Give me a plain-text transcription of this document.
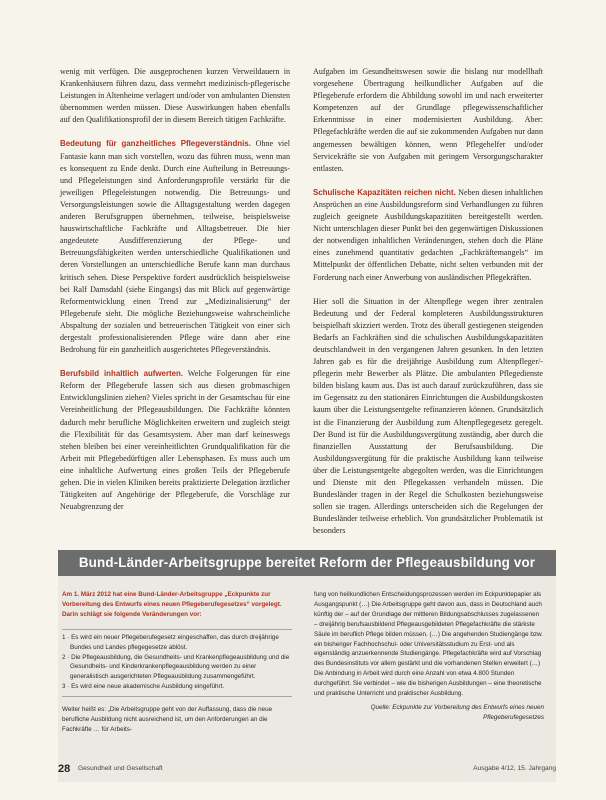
wenig mit verfügen. Die ausgeprochenen kurzen Verweildauern in Krankenhäusern führen dazu, dass vermehrt medizinisch-pflegerische Leistungen in Altenheime verlagert und/oder von ambulanten Diensten übernommen werden müssen. Diese Auswirkungen haben ebenfalls auf den Qualifikationsprofil der in diesem Bereich tätigen Fachkräfte.

Bedeutung für ganzheitliches Pflegeverständnis. Ohne viel Fantasie kann man sich vorstellen, wozu das führen muss, wenn man es konsequent zu Ende denkt. Durch eine Aufteilung in Betreuungs- und Pflegeleistungen sind Anforderungsprofile verstärkt für die jeweiligen Pflegeleistungen notwendig. Die Betreuungs- und Versorgungsleistungen sowie die Alltagsgestaltung werden dagegen anderen Berufsgruppen übernehmen, teilweise, beispielsweise hauswirtschaftliche Fachkräfte und Alltagsbetreuer. Die hier angedeutete Ausdifferenzierung der Pflege- und Betreuungsfähigkeiten werden unterschiedliche Qualifikationen und deren Vorstellungen an unterschiedliche Berufe kann man durchaus kritisch sehen. Diese Perspektive fordert ausdrücklich beispielsweise bei Ralf Damsdahl (siehe Eingangs) das mit Blick auf gegenwärtige Reformentwicklung einen Trend zur „Medizinalisierung“ der Pflegeberufe sieht. Die mögliche Beziehungsweise wahrscheinliche Abspaltung der sozialen und betreuerischen Tätigkeit von einer sich dergestalt professionalisierenden Pflege wäre dann aber eine Bedrohung für ein ganzheitlich ausgerichtetes Pflegeverständnis.

Berufsbild inhaltlich aufwerten. Welche Folgerungen für eine Reform der Pflegeberufe lassen sich aus diesen grobmaschigen Entwicklungslinien ziehen? Vieles spricht in der Gesamtschau für eine Vereinheitlichung der Pflegeausbildungen. Die Fachkräfte könnten dadurch mehr berufliche Möglichkeiten erweitern und zugleich steigt die Flexibilität für das Gesamtsystem. Aber man darf keineswegs stehen bleiben bei einer vereinheitlichten Grundqualifikation für die Arbeit mit Pflegebedürftigen aller Lebensphasen. Es muss auch um eine inhaltliche Aufwertung eines großen Teils der Pflegeberufe gehen. Die in vielen Kliniken bereits praktizierte Delegation ärztlicher Tätigkeiten auf Angehörige der Pflegeberufe, die Vorschläge zur Neuabgrenzung der

Aufgaben im Gesundheitswesen sowie die bislang nur modellhaft vorgesehene Übertragung heilkundlicher Aufgaben auf die Pflegeberufe erfordern die Abbildung sowohl im und nach erweiterter Kompetenzen auf der Grundlage pflegewissenschaftlicher Erkenntnisse in einer modernisierten Ausbildung. Aber: Pflegefachkräfte werden die auf sie zukommenden Aufgaben nur dann angemessen bewältigen können, wenn Pflegehelfer und/oder Servicekräfte sie von Aufgaben mit geringem Versorgungscharakter entlasten.

Schulische Kapazitäten reichen nicht. Neben diesen inhaltlichen Ansprüchen an eine Ausbildungsreform sind Verhandlungen zu führen zugleich geeignete Ausbildungskapazitäten bereitgestellt werden. Nicht unterschlagen dieser Punkt bei den gegenwärtigen Diskussionen der notwendigen inhaltlichen Veränderungen, stehen doch die Pläne eines zunehmend quantitativ gedachten „Fachkräftemangels“ im Mittelpunkt der öffentlichen Debatte, nicht selten verbunden mit der Forderung nach einer Anwerbung von ausländischen Pflegekräften.

Hier soll die Situation in der Altenpflege wegen ihrer zentralen Bedeutung und der Federal kompleteren Ausbildungsstrukturen beispielhaft skizziert werden. Trotz des überall gestiegenen steigenden Bedarfs an Fachkräften sind die schulischen Ausbildungskapazitäten deutschlandweit in den vergangenen Jahren gesunken. In den letzten Jahren gab es für die dreijährige Ausbildung zum Altenpfleger/-pflegerin mehr Bewerber als Plätze. Die ambulanten Pflegedienste bilden bislang kaum aus. Das ist auch darauf zurückzuführen, dass sie im Gegensatz zu den stationären Einrichtungen die Ausbildungskosten kaum über die Leistungsentgelte refinanzieren können. Grundsätzlich ist die Finanzierung der Ausbildung zum Altenpflegegesetz geregelt. Der Bund ist für die Ausbildungsvergütung zuständig, aber durch die finanziellen Ausstattung der Berufsausbildung. Die Ausbildungsvergütung für die praktische Ausbildung kann teilweise über die Leistungsentgelte abgegolten werden, was die Einrichtungen und Dienste mit den Pflegekassen verhandeln müssen. Die Bundesländer tragen in der Regel die Schulkosten beziehungsweise sollen sie tragen. Allerdings unterscheiden sich die Regelungen der Bundesländer teilweise erheblich. Von grundsätzlicher Problematik ist besonders

Bund-Länder-Arbeitsgruppe bereitet Reform der Pflegeausbildung vor
Am 1. März 2012 hat eine Bund-Länder-Arbeitsgruppe „Eckpunkte zur Vorbereitung des Entwurfs eines neuen Pflegeberufegesetzes“ vorgelegt. Darin schlägt sie folgende Veränderungen vor:
1 · Es wird ein neuer Pflegeberufegesetz eingeschaffen, das durch dreijährige Bundes und Landes pflegegesetze ablöst.
2 · Die Pflegeausbildung, die Gesundheits- und Krankenpflegeausbildung und die Gesundheits- und Kinderkrankenpflegeausbildung werden zu einer generalistisch ausgerichteten Pflegeausbildung zusammengeführt.
3 · Es wird eine neue akademische Ausbildung eingeführt.
Weiter heißt es: „Die Arbeitsgruppe geht von der Auffassung, dass die neue berufliche Ausbildung nicht ausreichend ist, um den Anforderungen an die Fachkräfte … für Arbeits-
fung von heilkundlichen Entscheidungsprozessen werden im Eckpunktepapier als Ausgangspunkt (…) Die Arbeitsgruppe geht davon aus, dass in Deutschland auch künftig der – auf der Grundlage der mittleren Bildungsabschlusses zugelassenen – dreijährig berufsausbildend Pflegeausgebildeten Pflegefachkräfte die stärkste Säule im beruflich Pflege bilden müssen. (…) Die angehenden Studiengänge bzw. ein bisheriger Fachhochschul- oder Universitätsstudium zu Erst- und als eigenständig anzuerkennende Studiengänge. Pflegefachkräfte wird auf Vorschlag des Bundesinstituts vor allem gestärkt und die vorhandenen Stellen erweitert (…) Die Anbindung in Arbeit wird durch eine Anzahl von etwa 4.800 Stunden durchgeführt. Sie verbindet – wie die bisherigen Ausbildungen – eine theoretische und praktische Unterricht und praktischer Ausbildung.
Quelle: Eckpunkte zur Vorbereitung des Entwurfs eines neuen Pflegeberufegesetzes
28 Gesundheit und Gesellschaft	Ausgabe 4/12, 15. Jahrgang
